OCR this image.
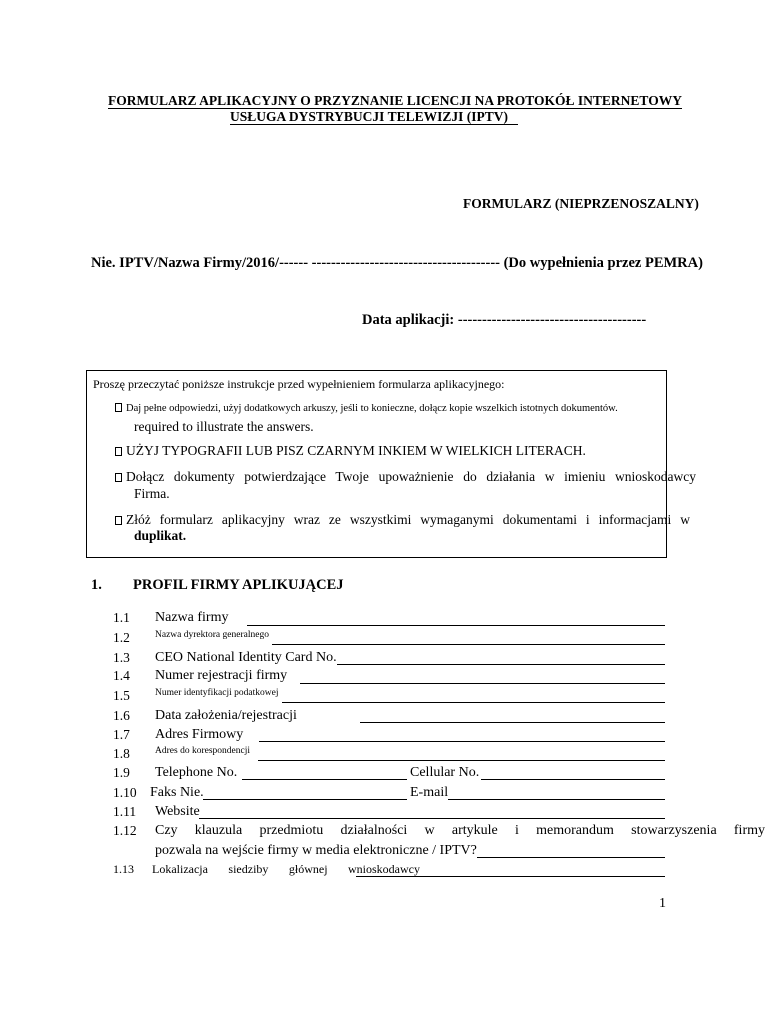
FORMULARZ APLIKACYJNY O PRZYZNANIE LICENCJI NA PROTOKÓŁ INTERNETOWY
USŁUGA DYSTRYBUCJI TELEWIZJI (IPTV)
FORMULARZ (NIEPRZENOSZALNY)
Nie. IPTV/Nazwa Firmy/2016/------ --------------------------------------- (Do wypełnienia przez PEMRA)
Data aplikacji: ---------------------------------------
Proszę przeczytać poniższe instrukcje przed wypełnieniem formularza aplikacyjnego:
Daj pełne odpowiedzi, użyj dodatkowych arkuszy, jeśli to konieczne, dołącz kopie wszelkich istotnych dokumentów.
required to illustrate the answers.
UŻYJ TYPOGRAFII LUB PISZ CZARNYM INKIEM W WIELKICH LITERACH.
Dołącz dokumenty potwierdzające Twoje upoważnienie do działania w imieniu wnioskodawcy
Firma.
Złóż formularz aplikacyjny wraz ze wszystkimi wymaganymi dokumentami i informacjami w
duplikat.
1. PROFIL FIRMY APLIKUJĄCEJ
1.1 Nazwa firmy
1.2	Nazwa dyrektora generalnego
1.3 CEO National Identity Card No.
1.4 Numer rejestracji firmy
1.5	Numer identyfikacji podatkowej
1.6 Data założenia/rejestracji
1.7 Adres Firmowy
1.8	Adres do korespondencji
1.9 Telephone No.	Cellular No.
1.10 Faks Nie.	E-mail
1.11 Website
1.12 Czy klauzula przedmiotu działalności w artykule i memorandum stowarzyszenia firmy
pozwala na wejście firmy w media elektroniczne / IPTV?
1.13 Lokalizacja siedziby głównej wnioskodawcy
1
